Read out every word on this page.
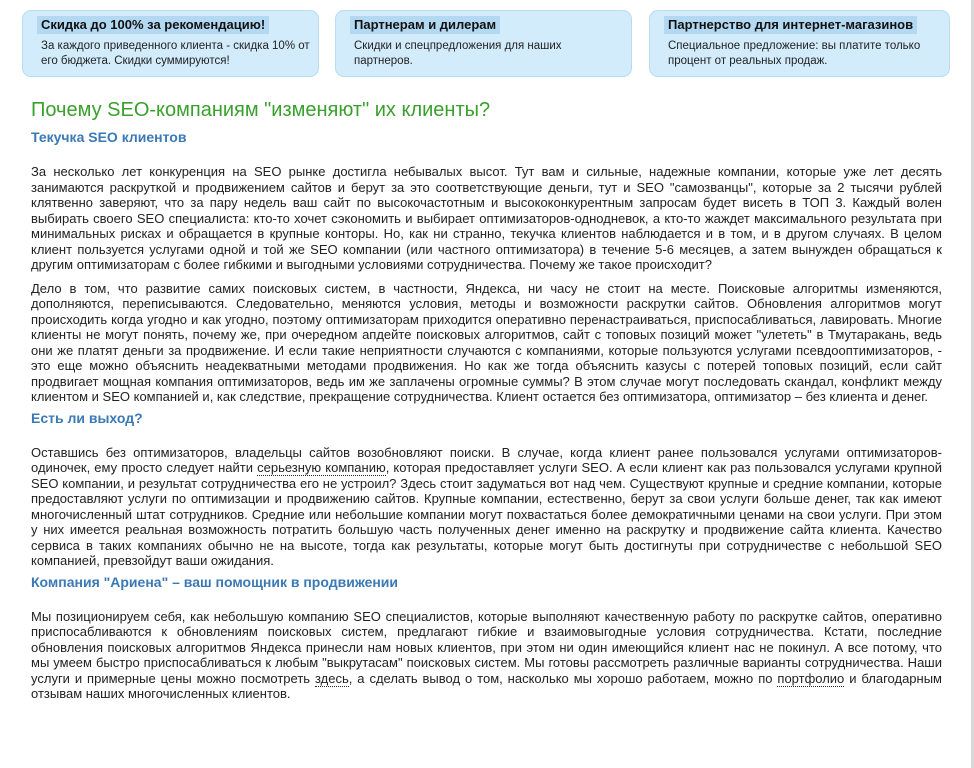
Скидка до 100% за рекомендацию!
За каждого приведенного клиента - скидка 10% от его бюджета. Скидки суммируются!
Партнерам и дилерам
Скидки и спецпредложения для наших партнеров.
Партнерство для интернет-магазинов
Специальное предложение: вы платите только процент от реальных продаж.
Почему SEO-компаниям "изменяют" их клиенты?
Текучка SEO клиентов

За несколько лет конкуренция на SEO рынке достигла небывалых высот. Тут вам и сильные, надежные компании, которые уже лет десять занимаются раскруткой и продвижением сайтов и берут за это соответствующие деньги, тут и SEO "самозванцы", которые за 2 тысячи рублей клятвенно заверяют, что за пару недель ваш сайт по высокочастотным и высококонкурентным запросам будет висеть в ТОП 3. Каждый волен выбирать своего SEO специалиста: кто-то хочет сэкономить и выбирает оптимизаторов-однодневок, а кто-то жаждет максимального результата при минимальных рисках и обращается в крупные конторы. Но, как ни странно, текучка клиентов наблюдается и в том, и в другом случаях. В целом клиент пользуется услугами одной и той же SEO компании (или частного оптимизатора) в течение 5-6 месяцев, а затем вынужден обращаться к другим оптимизаторам с более гибкими и выгодными условиями сотрудничества. Почему же такое происходит?

Дело в том, что развитие самих поисковых систем, в частности, Яндекса, ни часу не стоит на месте. Поисковые алгоритмы изменяются, дополняются, переписываются. Следовательно, меняются условия, методы и возможности раскрутки сайтов. Обновления алгоритмов могут происходить когда угодно и как угодно, поэтому оптимизаторам приходится оперативно перенастраиваться, приспосабливаться, лавировать. Многие клиенты не могут понять, почему же, при очередном апдейте поисковых алгоритмов, сайт с топовых позиций может "улететь" в Тмутаракань, ведь они же платят деньги за продвижение. И если такие неприятности случаются с компаниями, которые пользуются услугами псевдооптимизаторов, - это еще можно объяснить неадекватными методами продвижения. Но как же тогда объяснить казусы с потерей топовых позиций, если сайт продвигает мощная компания оптимизаторов, ведь им же заплачены огромные суммы? В этом случае могут последовать скандал, конфликт между клиентом и SEO компанией и, как следствие, прекращение сотрудничества. Клиент остается без оптимизатора, оптимизатор – без клиента и денег.

Есть ли выход?

Оставшись без оптимизаторов, владельцы сайтов возобновляют поиски. В случае, когда клиент ранее пользовался услугами оптимизаторов-одиночек, ему просто следует найти серьезную компанию, которая предоставляет услуги SEO. А если клиент как раз пользовался услугами крупной SEO компании, и результат сотрудничества его не устроил? Здесь стоит задуматься вот над чем. Существуют крупные и средние компании, которые предоставляют услуги по оптимизации и продвижению сайтов. Крупные компании, естественно, берут за свои услуги больше денег, так как имеют многочисленный штат сотрудников. Средние или небольшие компании могут похвастаться более демократичными ценами на свои услуги. При этом у них имеется реальная возможность потратить большую часть полученных денег именно на раскрутку и продвижение сайта клиента. Качество сервиса в таких компаниях обычно не на высоте, тогда как результаты, которые могут быть достигнуты при сотрудничестве с небольшой SEO компанией, превзойдут ваши ожидания.

Компания "Ариена" – ваш помощник в продвижении

Мы позиционируем себя, как небольшую компанию SEO специалистов, которые выполняют качественную работу по раскрутке сайтов, оперативно приспосабливаются к обновлениям поисковых систем, предлагают гибкие и взаимовыгодные условия сотрудничества. Кстати, последние обновления поисковых алгоритмов Яндекса принесли нам новых клиентов, при этом ни один имеющийся клиент нас не покинул. А все потому, что мы умеем быстро приспосабливаться к любым "выкрутасам" поисковых систем. Мы готовы рассмотреть различные варианты сотрудничества. Наши услуги и примерные цены можно посмотреть здесь, а сделать вывод о том, насколько мы хорошо работаем, можно по портфолио и благодарным отзывам наших многочисленных клиентов.
